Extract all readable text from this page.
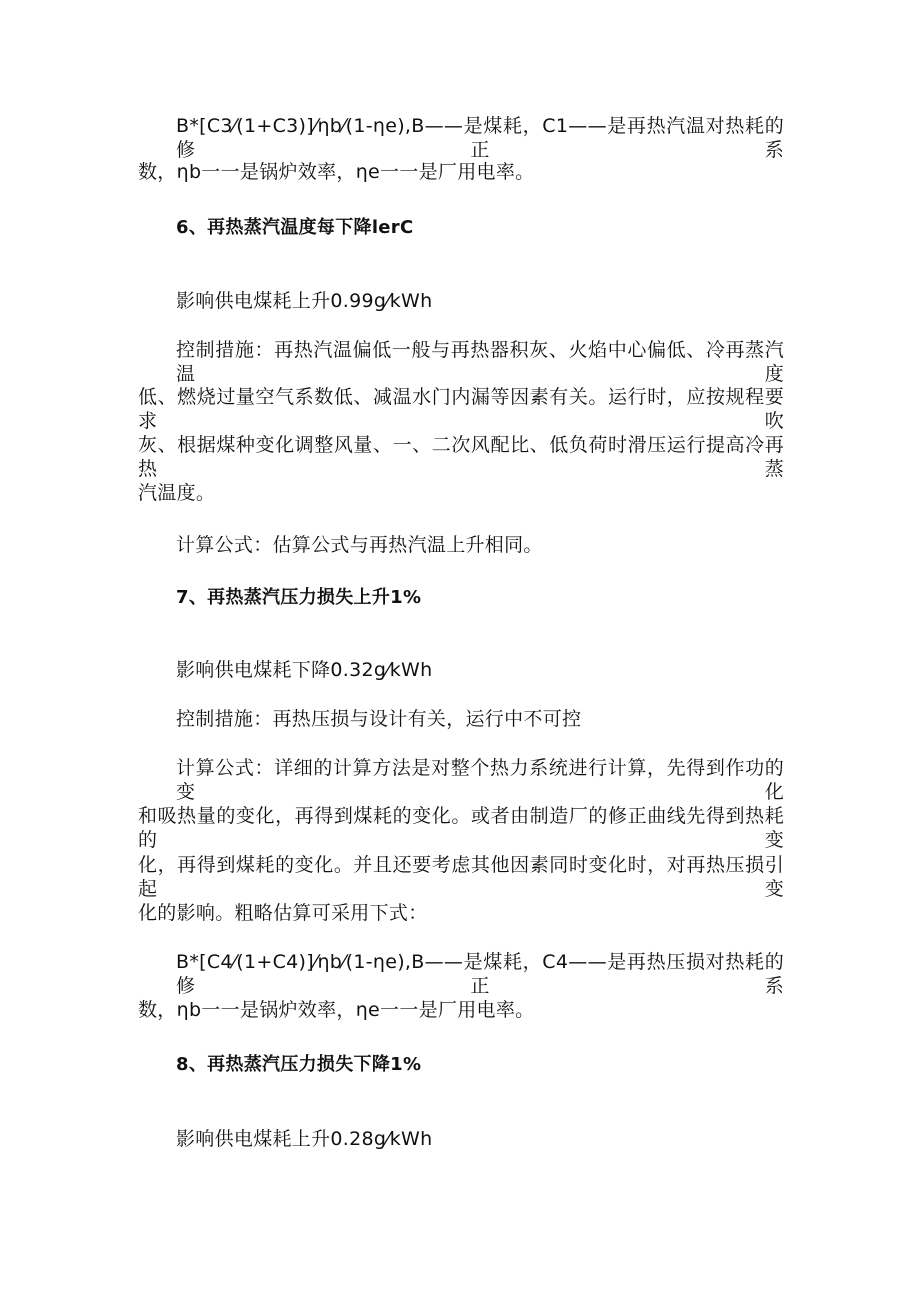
B*[C3⁄(1+C3)]⁄ηb⁄(1-ηe),B——是煤耗，C1——是再热汽温对热耗的修正系
数，ηb一一是锅炉效率，ηe一一是厂用电率。
6、再热蒸汽温度每下降lerC
影响供电煤耗上升0.99g⁄kWh
控制措施：再热汽温偏低一般与再热器积灰、火焰中心偏低、冷再蒸汽温度
低、燃烧过量空气系数低、减温水门内漏等因素有关。运行时，应按规程要求吹
灰、根据煤种变化调整风量、一、二次风配比、低负荷时滑压运行提高冷再热蒸
汽温度。
计算公式：估算公式与再热汽温上升相同。
7、再热蒸汽压力损失上升1%
影响供电煤耗下降0.32g⁄kWh
控制措施：再热压损与设计有关，运行中不可控
计算公式：详细的计算方法是对整个热力系统进行计算，先得到作功的变化
和吸热量的变化，再得到煤耗的变化。或者由制造厂的修正曲线先得到热耗的变
化，再得到煤耗的变化。并且还要考虑其他因素同时变化时，对再热压损引起变
化的影响。粗略估算可采用下式：
B*[C4⁄(1+C4)]⁄ηb⁄(1-ηe),B——是煤耗，C4——是再热压损对热耗的修正系
数，ηb一一是锅炉效率，ηe一一是厂用电率。
8、再热蒸汽压力损失下降1%
影响供电煤耗上升0.28g⁄kWh
